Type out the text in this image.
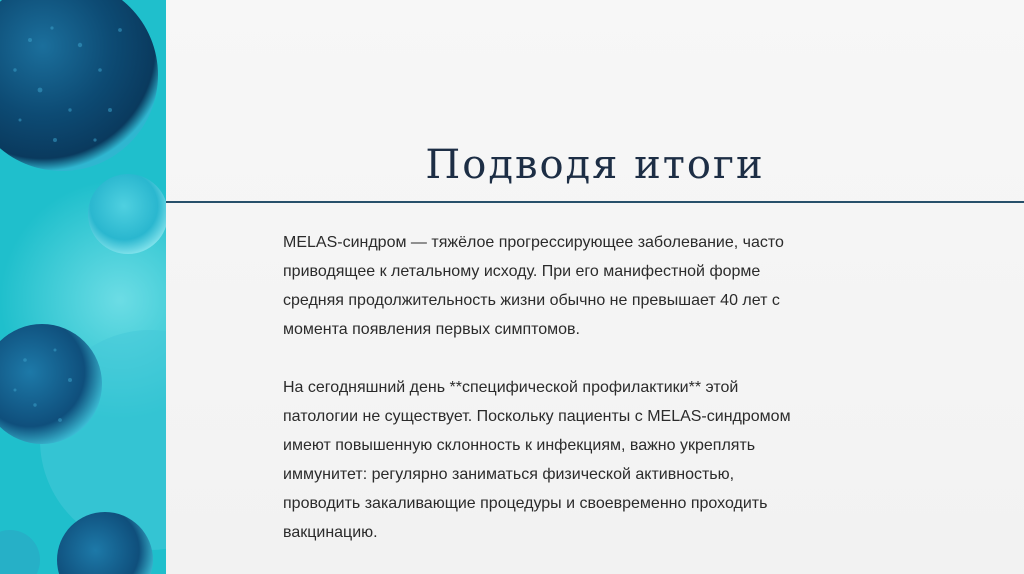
Подводя итоги

MELAS-синдром — тяжёлое прогрессирующее заболевание, часто
приводящее к летальному исходу. При его манифестной форме
средняя продолжительность жизни обычно не превышает 40 лет с
момента появления первых симптомов.

На сегодняшний день **специфической профилактики** этой
патологии не существует. Поскольку пациенты с MELAS-синдромом
имеют повышенную склонность к инфекциям, важно укреплять
иммунитет: регулярно заниматься физической активностью,
проводить закаливающие процедуры и своевременно проходить
вакцинацию.
